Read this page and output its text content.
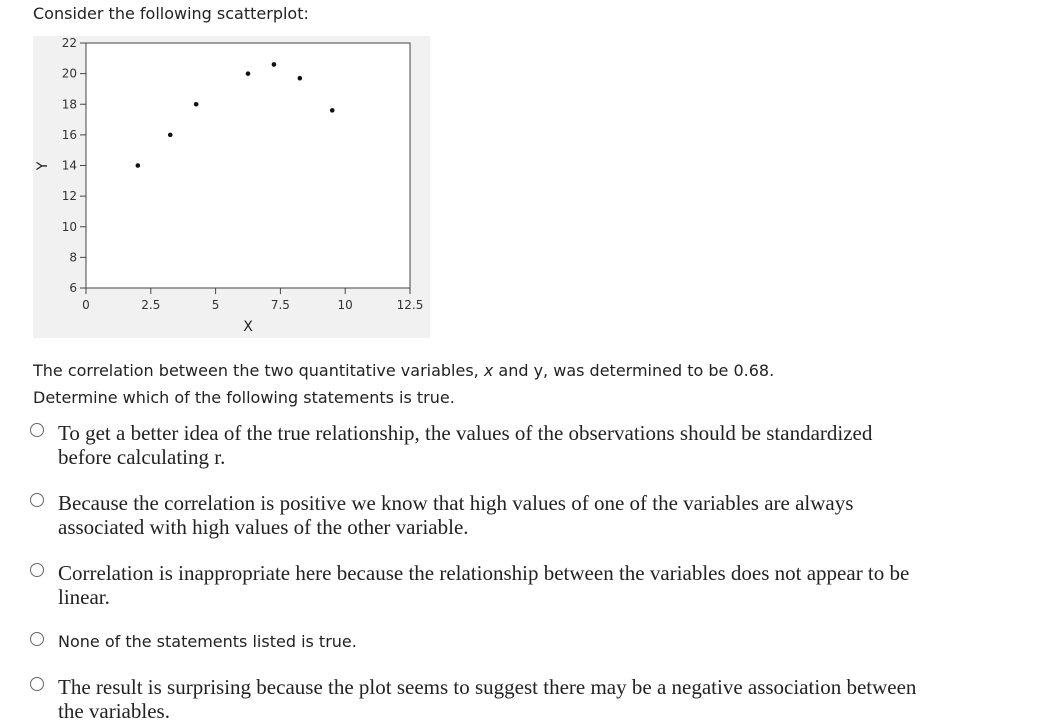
Consider the following scatterplot:
6
8
10
12
14
16
18
20
22
0	2.5	5	7.5	10	12.5
X
Y
The correlation between the two quantitative variables, x and y, was determined to be 0.68.
Determine which of the following statements is true.
To get a better idea of the true relationship, the values of the observations should be standardized before calculating r.
Because the correlation is positive we know that high values of one of the variables are always associated with high values of the other variable.
Correlation is inappropriate here because the relationship between the variables does not appear to be linear.
None of the statements listed is true.
The result is surprising because the plot seems to suggest there may be a negative association between the variables.
